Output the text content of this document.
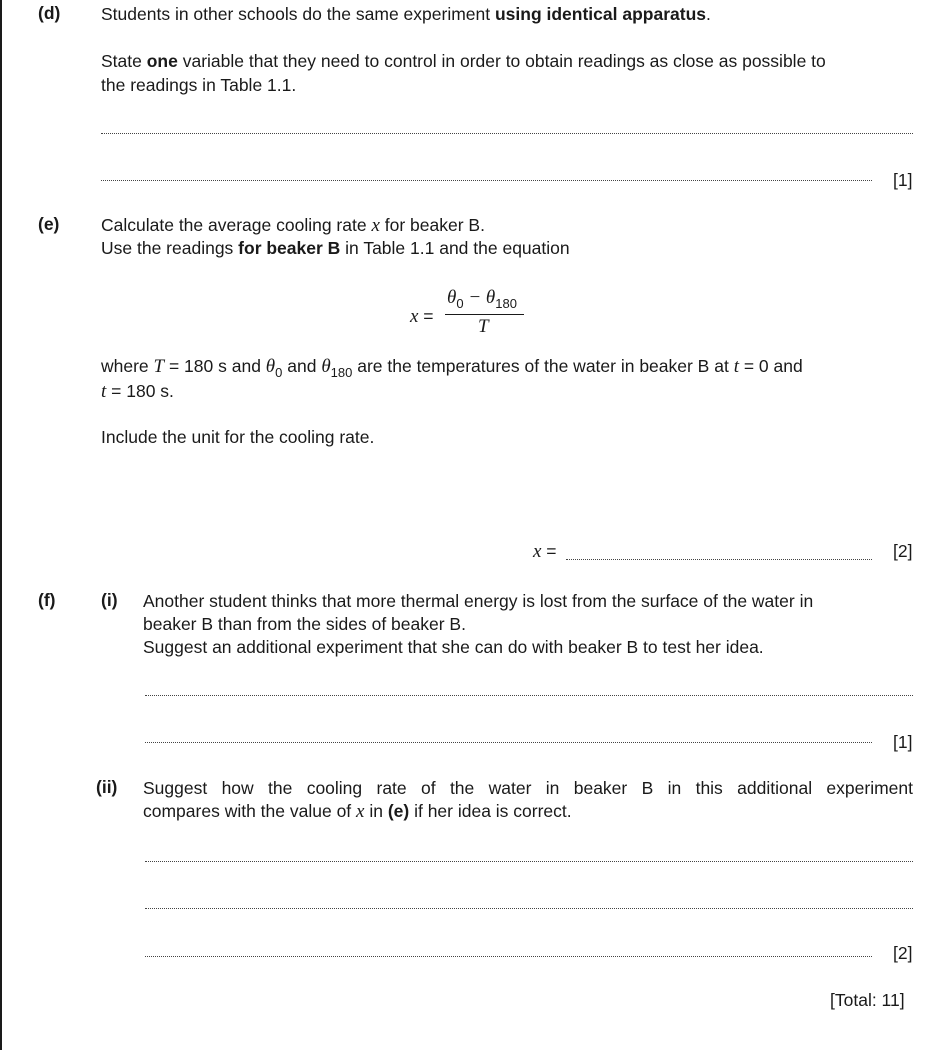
(d) Students in other schools do the same experiment using identical apparatus.
State one variable that they need to control in order to obtain readings as close as possible to
the readings in Table 1.1.
[1]
(e) Calculate the average cooling rate x for beaker B.
Use the readings for beaker B in Table 1.1 and the equation
x =
$\theta_0 - \theta_{180}$
T
where T = 180 s and $\theta_0$ and $\theta_{180}$ are the temperatures of the water in beaker B at t = 0 and
t = 180 s.
Include the unit for the cooling rate.
x =	[2]
(f)	(i) Another student thinks that more thermal energy is lost from the surface of the water in
beaker B than from the sides of beaker B.
Suggest an additional experiment that she can do with beaker B to test her idea.
[1]
(ii) Suggest how the cooling rate of the water in beaker B in this additional experiment
compares with the value of x in (e) if her idea is correct.
[2]
[Total: 11]
